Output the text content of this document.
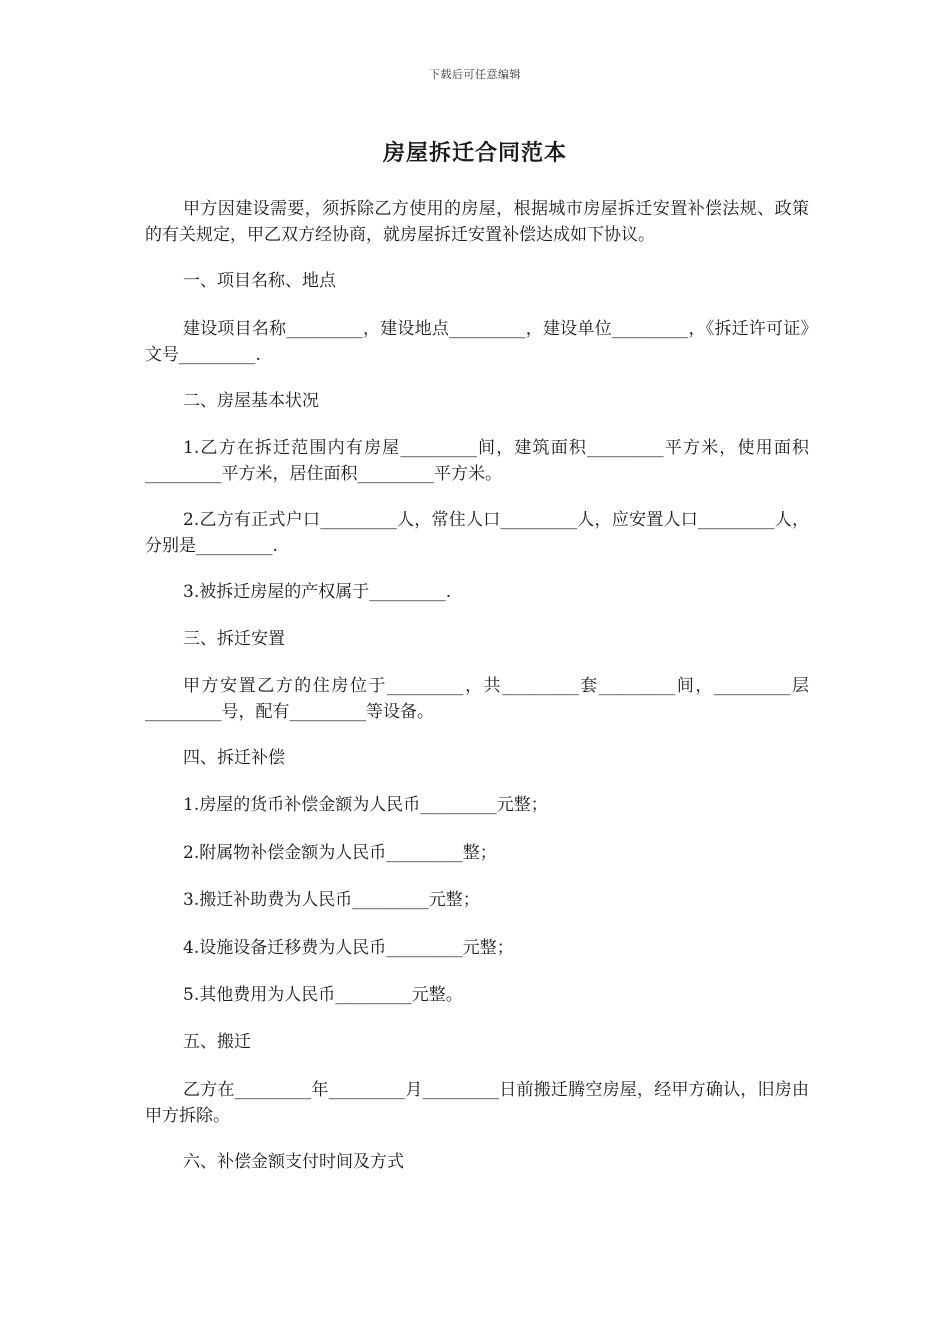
下载后可任意编辑
房屋拆迁合同范本

甲方因建设需要，须拆除乙方使用的房屋，根据城市房屋拆迁安置补偿法规、政策的有关规定，甲乙双方经协商，就房屋拆迁安置补偿达成如下协议。

一、项目名称、地点

建设项目名称_________，建设地点_________，建设单位_________，《拆迁许可证》文号_________.

二、房屋基本状况

1.乙方在拆迁范围内有房屋_________间，建筑面积_________平方米，使用面积_________平方米，居住面积_________平方米。

2.乙方有正式户口_________人，常住人口_________人，应安置人口_________人，分别是_________.

3.被拆迁房屋的产权属于_________.

三、拆迁安置

甲方安置乙方的住房位于_________，共_________套_________间，_________层_________号，配有_________等设备。

四、拆迁补偿

1.房屋的货币补偿金额为人民币_________元整；

2.附属物补偿金额为人民币_________整；

3.搬迁补助费为人民币_________元整；

4.设施设备迁移费为人民币_________元整；

5.其他费用为人民币_________元整。

五、搬迁

乙方在_________年_________月_________日前搬迁腾空房屋，经甲方确认，旧房由甲方拆除。

六、补偿金额支付时间及方式
